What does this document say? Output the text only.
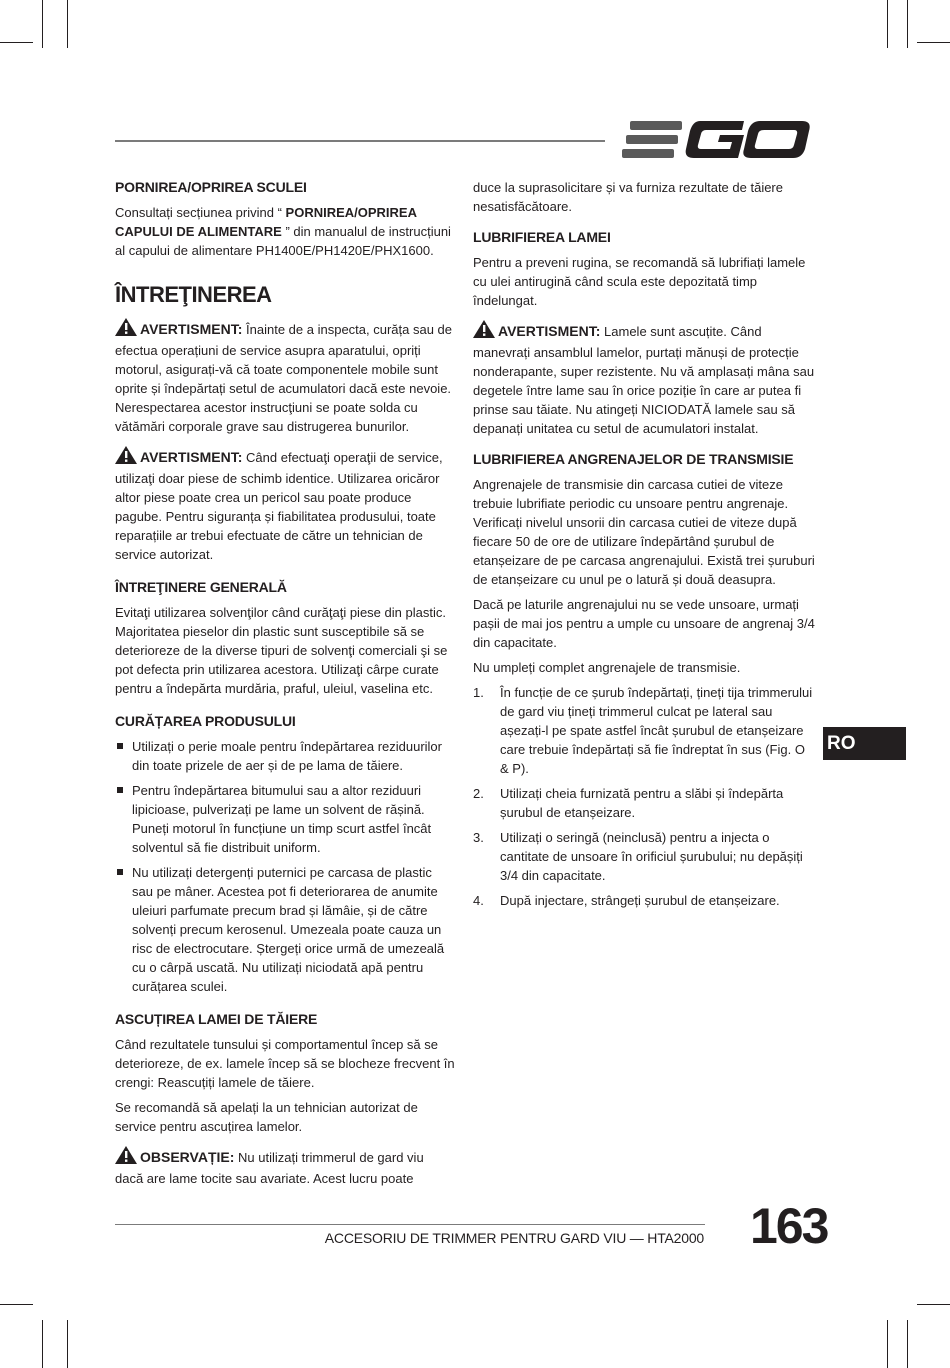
PORNIREA/OPRIREA SCULEI

Consultați secțiunea privind “ PORNIREA/OPRIREA CAPULUI DE ALIMENTARE ” din manualul de instrucțiuni al capului de alimentare PH1400E/PH1420E/PHX1600.

ÎNTREŢINEREA

AVERTISMENT: Înainte de a inspecta, curăța sau de efectua operațiuni de service asupra aparatului, opriți motorul, asigurați-vă că toate componentele mobile sunt oprite și îndepărtați setul de acumulatori dacă este nevoie. Nerespectarea acestor instrucţiuni se poate solda cu vătămări corporale grave sau distrugerea bunurilor.

AVERTISMENT: Când efectuaţi operaţii de service, utilizaţi doar piese de schimb identice. Utilizarea oricăror altor piese poate crea un pericol sau poate produce pagube. Pentru siguranța și fiabilitatea produsului, toate reparațiile ar trebui efectuate de către un tehnician de service autorizat.

ÎNTREŢINERE GENERALĂ

Evitaţi utilizarea solvenţilor când curăţaţi piese din plastic. Majoritatea pieselor din plastic sunt susceptibile să se deterioreze de la diverse tipuri de solvenţi comerciali şi se pot defecta prin utilizarea acestora. Utilizaţi cârpe curate pentru a îndepărta murdăria, praful, uleiul, vaselina etc.

CURĂȚAREA PRODUSULUI
Utilizați o perie moale pentru îndepărtarea reziduurilor din toate prizele de aer și de pe lama de tăiere.
Pentru îndepărtarea bitumului sau a altor reziduuri lipicioase, pulverizați pe lame un solvent de rășină. Puneți motorul în funcțiune un timp scurt astfel încât solventul să fie distribuit uniform.
Nu utilizați detergenți puternici pe carcasa de plastic sau pe mâner. Acestea pot fi deteriorarea de anumite uleiuri parfumate precum brad și lămâie, și de către solvenți precum kerosenul. Umezeala poate cauza un risc de electrocutare. Ștergeți orice urmă de umezeală cu o cârpă uscată. Nu utilizați niciodată apă pentru curățarea sculei.
ASCUȚIREA LAMEI DE TĂIERE

Când rezultatele tunsului și comportamentul încep să se deterioreze, de ex. lamele încep să se blocheze frecvent în crengi: Reascuțiți lamele de tăiere.

Se recomandă să apelați la un tehnician autorizat de service pentru ascuțirea lamelor.

OBSERVAȚIE: Nu utilizați trimmerul de gard viu dacă are lame tocite sau avariate. Acest lucru poate

duce la suprasolicitare și va furniza rezultate de tăiere nesatisfăcătoare.

LUBRIFIEREA LAMEI

Pentru a preveni rugina, se recomandă să lubrifiați lamele cu ulei antirugină când scula este depozitată timp îndelungat.

AVERTISMENT: Lamele sunt ascuțite. Când manevrați ansamblul lamelor, purtați mănuși de protecție nonderapante, super rezistente. Nu vă amplasați mâna sau degetele între lame sau în orice poziție în care ar putea fi prinse sau tăiate. Nu atingeți NICIODATĂ lamele sau să depanați unitatea cu setul de acumulatori instalat.

LUBRIFIEREA ANGRENAJELOR DE TRANSMISIE

Angrenajele de transmisie din carcasa cutiei de viteze trebuie lubrifiate periodic cu unsoare pentru angrenaje. Verificați nivelul unsorii din carcasa cutiei de viteze după fiecare 50 de ore de utilizare îndepărtând șurubul de etanșeizare de pe carcasa angrenajului. Există trei șuruburi de etanșeizare cu unul pe o latură și două deasupra.

Dacă pe laturile angrenajului nu se vede unsoare, urmați pașii de mai jos pentru a umple cu unsoare de angrenaj 3/4 din capacitate.

Nu umpleți complet angrenajele de transmisie.

1. În funcție de ce șurub îndepărtați, țineți tija trimmerului de gard viu țineți trimmerul culcat pe lateral sau așezați-l pe spate astfel încât șurubul de etanșeizare care trebuie îndepărtați să fie îndreptat în sus (Fig. O & P).
2. Utilizați cheia furnizată pentru a slăbi și îndepărta șurubul de etanșeizare.
3. Utilizați o seringă (neinclusă) pentru a injecta o cantitate de unsoare în orificiul șurubului; nu depășiți 3/4 din capacitate.
4. După injectare, strângeți șurubul de etanșeizare.
RO
ACCESORIU DE TRIMMER PENTRU GARD VIU — HTA2000 163
